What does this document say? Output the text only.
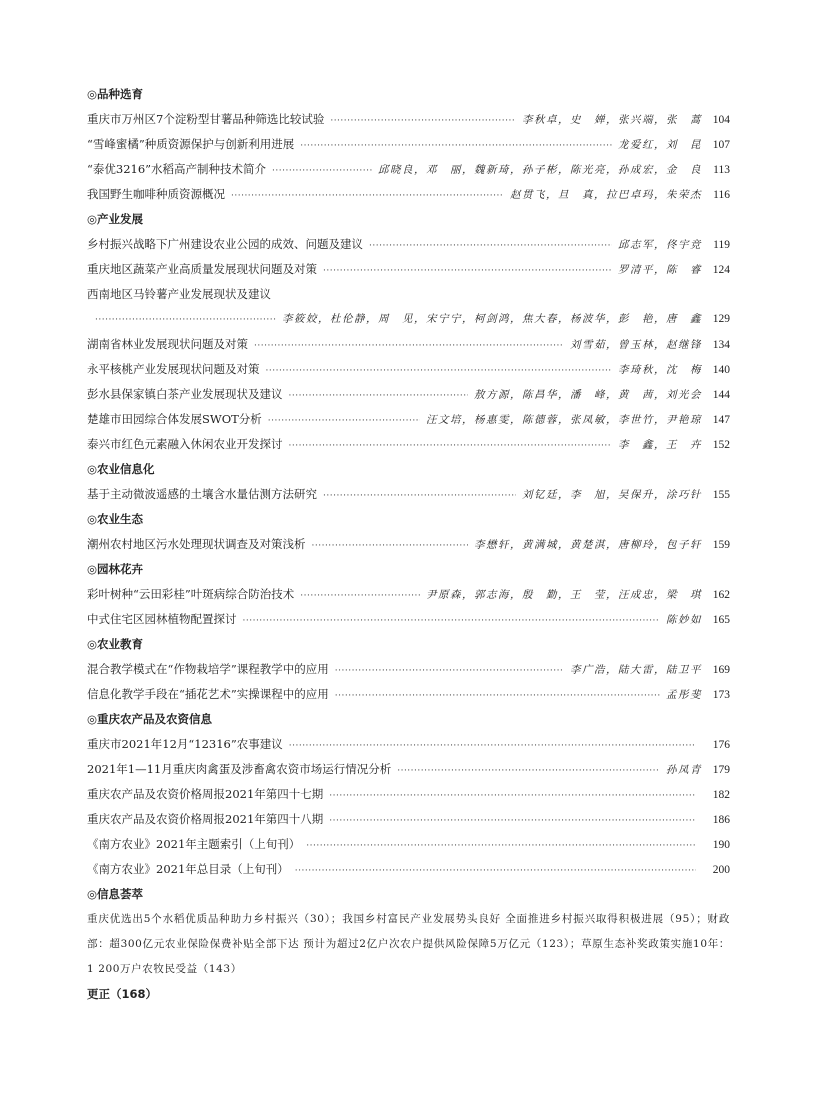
◎品种选育
重庆市万州区7个淀粉型甘薯品种筛选比较试验 ·····	李秋卓，史　婵，张兴端，张　蒿 104
“雪峰蜜橘”种质资源保护与创新利用进展 ·····	龙爱红，刘　昆 107
“泰优3216”水稻高产制种技术简介 ·····	邱晓良，邓　丽，魏新琦，孙子彬，陈光亮，孙成宏，金　良 113
我国野生咖啡种质资源概况 ·····	赵贯飞，旦　真，拉巴卓玛，朱荣杰 116
◎产业发展
乡村振兴战略下广州建设农业公园的成效、问题及建议 ·····	邱志军，佟宇竞 119
重庆地区蔬菜产业高质量发展现状问题及对策 ·····	罗清平，陈　睿 124
西南地区马铃薯产业发展现状及建议
·····
李筱姣，杜伦静，周　见，宋宁宁，柯剑鸿，焦大春，杨波华，彭　艳，唐　鑫 129
湖南省林业发展现状问题及对策 ·····	刘雪茹，曾玉林，赵继锋 134
永平核桃产业发展现状问题及对策 ·····	李琦秋，沈　梅 140
彭水县保家镇白茶产业发展现状及建议 ·····	敖方源，陈昌华，潘　峰，黄　茜，刘光会 144
楚雄市田园综合体发展SWOT分析 ·····	汪文培，杨惠雯，陈德蓉，张凤敏，李世竹，尹艳琼 147
泰兴市红色元素融入休闲农业开发探讨 ·····	李　鑫，王　卉 152
◎农业信息化
基于主动微波遥感的土壤含水量估测方法研究 ·····	刘钇廷，李　旭，吴保升，涂巧针 155
◎农业生态
潮州农村地区污水处理现状调查及对策浅析 ·····	李懋轩，黄满城，黄楚淇，唐柳玲，包子轩 159
◎园林花卉
彩叶树种“云田彩桂”叶斑病综合防治技术 ·····	尹原森，郭志海，殷　勤，王　莹，汪成忠，梁　琪 162
中式住宅区园林植物配置探讨 ·····	陈妙如 165
◎农业教育
混合教学模式在“作物栽培学”课程教学中的应用 ·····	李广浩，陆大雷，陆卫平 169
信息化教学手段在“插花艺术”实操课程中的应用 ·····	孟彤斐 173
◎重庆农产品及农资信息
重庆市2021年12月“12316”农事建议 ·····	176
2021年1—11月重庆肉禽蛋及涉畜禽农资市场运行情况分析 ·····	孙凤青 179
重庆农产品及农资价格周报2021年第四十七期 ·····	182
重庆农产品及农资价格周报2021年第四十八期 ·····	186
《南方农业》2021年主题索引（上旬刊） ·····	190
《南方农业》2021年总目录（上旬刊） ·····	200
◎信息荟萃

重庆优选出5个水稻优质品种助力乡村振兴（30）；我国乡村富民产业发展势头良好 全面推进乡村振兴取得积极进展（95）；财政部：超300亿元农业保险保费补贴全部下达 预计为超过2亿户次农户提供风险保障5万亿元（123）；草原生态补奖政策实施10年：1 200万户农牧民受益（143）

更正（168）
